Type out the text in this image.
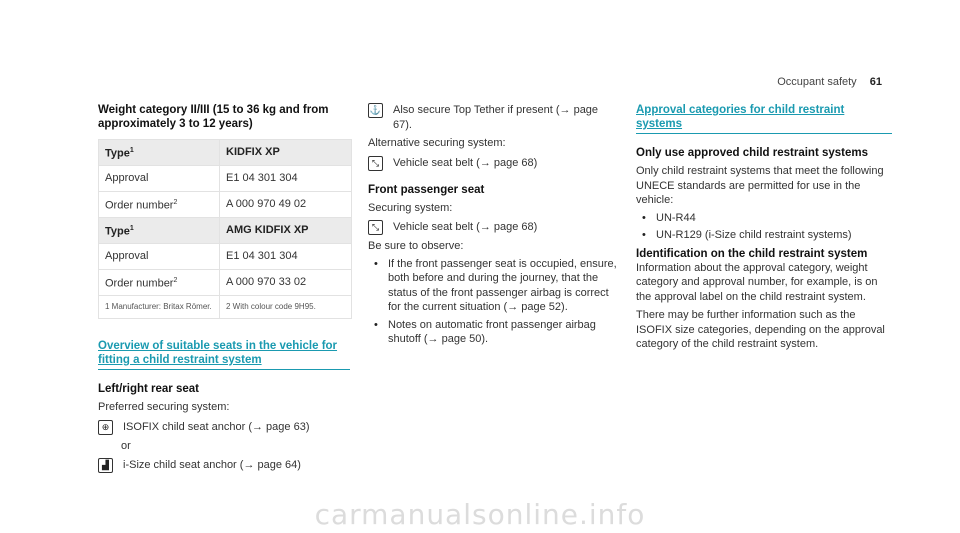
Occupant safety 61
Weight category II/III (15 to 36 kg and from approximately 3 to 12 years)
Type$^1$	KIDFIX XP
Approval	E1 04 301 304
Order number$^2$	A 000 970 49 02
Type$^1$	AMG KIDFIX XP
Approval	E1 04 301 304
Order number$^2$	A 000 970 33 02
1 Manufacturer: Britax Römer.	2 With colour code 9H95.
Overview of suitable seats in the vehicle for fitting a child restraint system
Left/right rear seat
Preferred securing system:
⊕	ISOFIX child seat anchor (→ page 63)
or
▟	i-Size child seat anchor (→ page 64)
⚓ Also secure Top Tether if present (→ page 67).
Alternative securing system:
⤡	Vehicle seat belt (→ page 68)
Front passenger seat
Securing system:
⤡	Vehicle seat belt (→ page 68)
Be sure to observe:
• If the front passenger seat is occupied, ensure, both before and during the journey, that the status of the front passenger airbag is correct for the current situation (→ page 52).
• Notes on automatic front passenger airbag shutoff (→ page 50).
Approval categories for child restraint systems
Only use approved child restraint systems
Only child restraint systems that meet the following UNECE standards are permitted for use in the vehicle:
• UN-R44
• UN-R129 (i-Size child restraint systems)
Identification on the child restraint system
Information about the approval category, weight category and approval number, for example, is on the approval label on the child restraint system.
There may be further information such as the ISOFIX size categories, depending on the approval category of the child restraint system.
carmanualsonline.info
